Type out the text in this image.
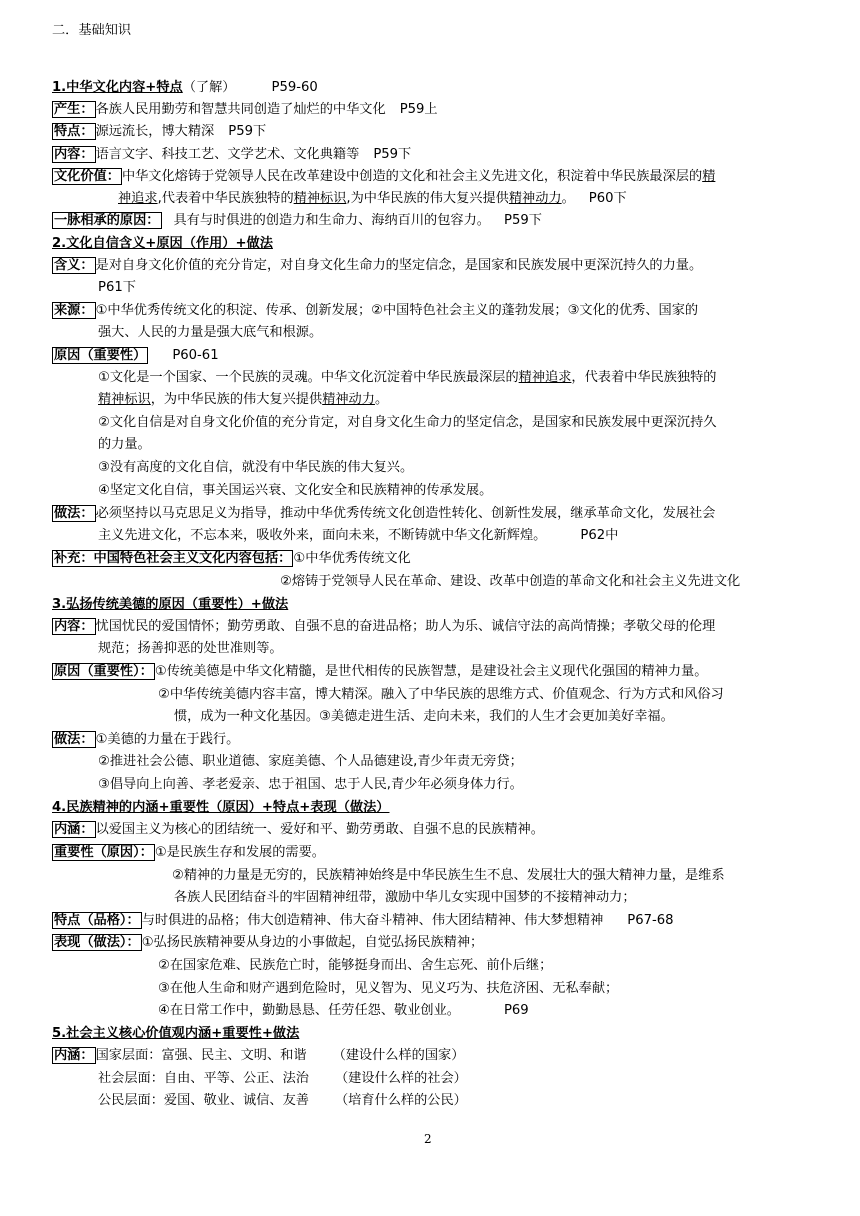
二．基础知识
1.中华文化内容+特点（了解）	P59-60
产生： 各族人民用勤劳和智慧共同创造了灿烂的中华文化 P59上
特点： 源远流长，博大精深 P59下
内容： 语言文字、科技工艺、文学艺术、文化典籍等 P59下
文化价值： 中华文化熔铸于党领导人民在改革建设中创造的文化和社会主义先进文化，积淀着中华民族最深层的精
神追求,代表着中华民族独特的精神标识,为中华民族的伟大复兴提供精神动力。 P60下
一脉相承的原因： 具有与时俱进的创造力和生命力、海纳百川的包容力。 P59下
2.文化自信含义+原因（作用）+做法
含义： 是对自身文化价值的充分肯定，对自身文化生命力的坚定信念，是国家和民族发展中更深沉持久的力量。
P61下
来源： ①中华优秀传统文化的积淀、传承、创新发展；②中国特色社会主义的蓬勃发展；③文化的优秀、国家的
强大、人民的力量是强大底气和根源。
原因（重要性） P60-61
①文化是一个国家、一个民族的灵魂。中华文化沉淀着中华民族最深层的精神追求，代表着中华民族独特的
精神标识，为中华民族的伟大复兴提供精神动力。
②文化自信是对自身文化价值的充分肯定，对自身文化生命力的坚定信念，是国家和民族发展中更深沉持久
的力量。
③没有高度的文化自信，就没有中华民族的伟大复兴。
④坚定文化自信，事关国运兴衰、文化安全和民族精神的传承发展。
做法： 必须坚持以马克思足义为指导，推动中华优秀传统文化创造性转化、创新性发展，继承革命文化，发展社会
主义先进文化，不忘本来，吸收外来，面向未来，不断铸就中华文化新辉煌。	P62中
补充：中国特色社会主义文化内容包括： ①中华优秀传统文化
②熔铸于党领导人民在革命、建设、改革中创造的革命文化和社会主义先进文化
3.弘扬传统美德的原因（重要性）+做法
内容： 忧国忧民的爱国情怀；勤劳勇敢、自强不息的奋进品格；助人为乐、诚信守法的高尚情操；孝敬父母的伦理
规范；扬善抑恶的处世准则等。
原因（重要性）： ①传统美德是中华文化精髓，是世代相传的民族智慧，是建设社会主义现代化强国的精神力量。
②中华传统美德内容丰富，博大精深。融入了中华民族的思维方式、价值观念、行为方式和风俗习
惯，成为一种文化基因。③美德走进生活、走向未来，我们的人生才会更加美好幸福。
做法： ①美德的力量在于践行。
②推进社会公德、职业道德、家庭美德、个人品德建设,青少年责无旁贷；
③倡导向上向善、孝老爱亲、忠于祖国、忠于人民,青少年必须身体力行。
4.民族精神的内涵+重要性（原因）+特点+表现（做法）
内涵： 以爱国主义为核心的团结统一、爱好和平、勤劳勇敢、自强不息的民族精神。
重要性（原因）： ①是民族生存和发展的需要。
②精神的力量是无穷的，民族精神始终是中华民族生生不息、发展壮大的强大精神力量，是维系
各族人民团结奋斗的牢固精神纽带，激励中华儿女实现中国梦的不接精神动力；
特点（品格）： 与时俱进的品格；伟大创造精神、伟大奋斗精神、伟大团结精神、伟大梦想精神 P67-68
表现（做法）： ①弘扬民族精神要从身边的小事做起，自觉弘扬民族精神；
②在国家危难、民族危亡时，能够挺身而出、舍生忘死、前仆后继；
③在他人生命和财产遇到危险时，见义智为、见义巧为、扶危济困、无私奉献；
④在日常工作中，勤勤恳恳、任劳任怨、敬业创业。	P69
5.社会主义核心价值观内涵+重要性+做法
内涵： 国家层面：富强、民主、文明、和谐 （建设什么样的国家）
社会层面：自由、平等、公正、法治 （建设什么样的社会）
公民层面：爱国、敬业、诚信、友善 （培育什么样的公民）
2
